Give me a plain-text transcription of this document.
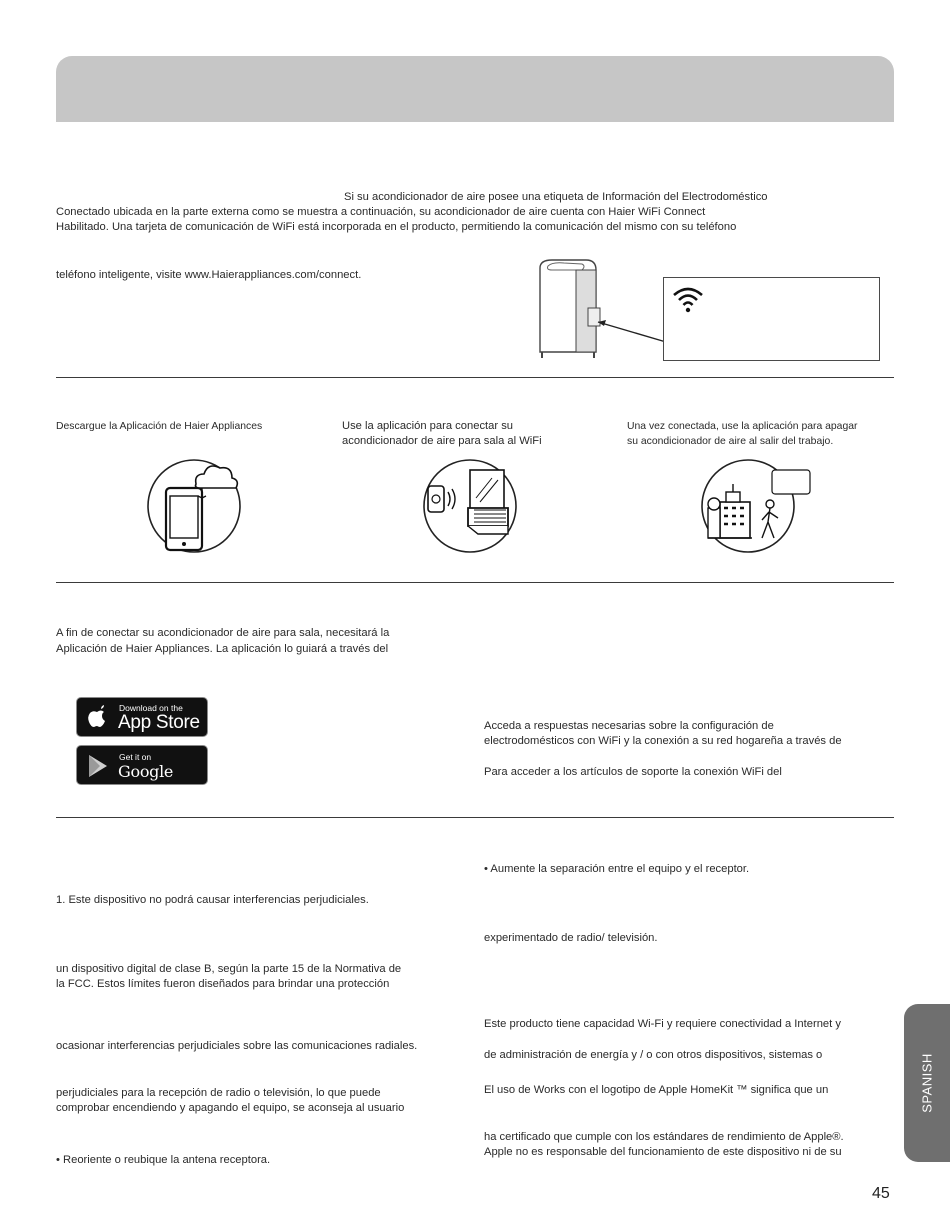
Si su acondicionador de aire posee una etiqueta de Información del Electrodoméstico
Conectado ubicada en la parte externa como se muestra a continuación, su acondicionador de aire cuenta con Haier WiFi Connect
Habilitado. Una tarjeta de comunicación de WiFi está incorporada en el producto, permitiendo la comunicación del mismo con su teléfono
teléfono inteligente, visite www.Haierappliances.com/connect.
Descargue la Aplicación de Haier Appliances	Use la aplicación para conectar su
acondicionador de aire para sala al WiFi
Una vez conectada, use la aplicación para apagar
su acondicionador de aire al salir del trabajo.
A fin de conectar su acondicionador de aire para sala, necesitará la
Aplicación de Haier Appliances. La aplicación lo guiará a través del
Acceda a respuestas necesarias sobre la configuración de
electrodomésticos con WiFi y la conexión a su red hogareña a través de
Para acceder a los artículos de soporte la conexión WiFi del
Download on the
App Store
Get it on
Google play
1. Este dispositivo no podrá causar interferencias perjudiciales.
un dispositivo digital de clase B, según la parte 15 de la Normativa de
la FCC. Estos límites fueron diseñados para brindar una protección
ocasionar interferencias perjudiciales sobre las comunicaciones radiales.
perjudiciales para la recepción de radio o televisión, lo que puede
comprobar encendiendo y apagando el equipo, se aconseja al usuario
• Reoriente o reubique la antena receptora.
• Aumente la separación entre el equipo y el receptor.
experimentado de radio/ televisión.
Este producto tiene capacidad Wi-Fi y requiere conectividad a Internet y
de administración de energía y / o con otros dispositivos, sistemas o
El uso de Works con el logotipo de Apple HomeKit ™ significa que un
ha certificado que cumple con los estándares de rendimiento de Apple®.
Apple no es responsable del funcionamiento de este dispositivo ni de su
SPANISH
45
